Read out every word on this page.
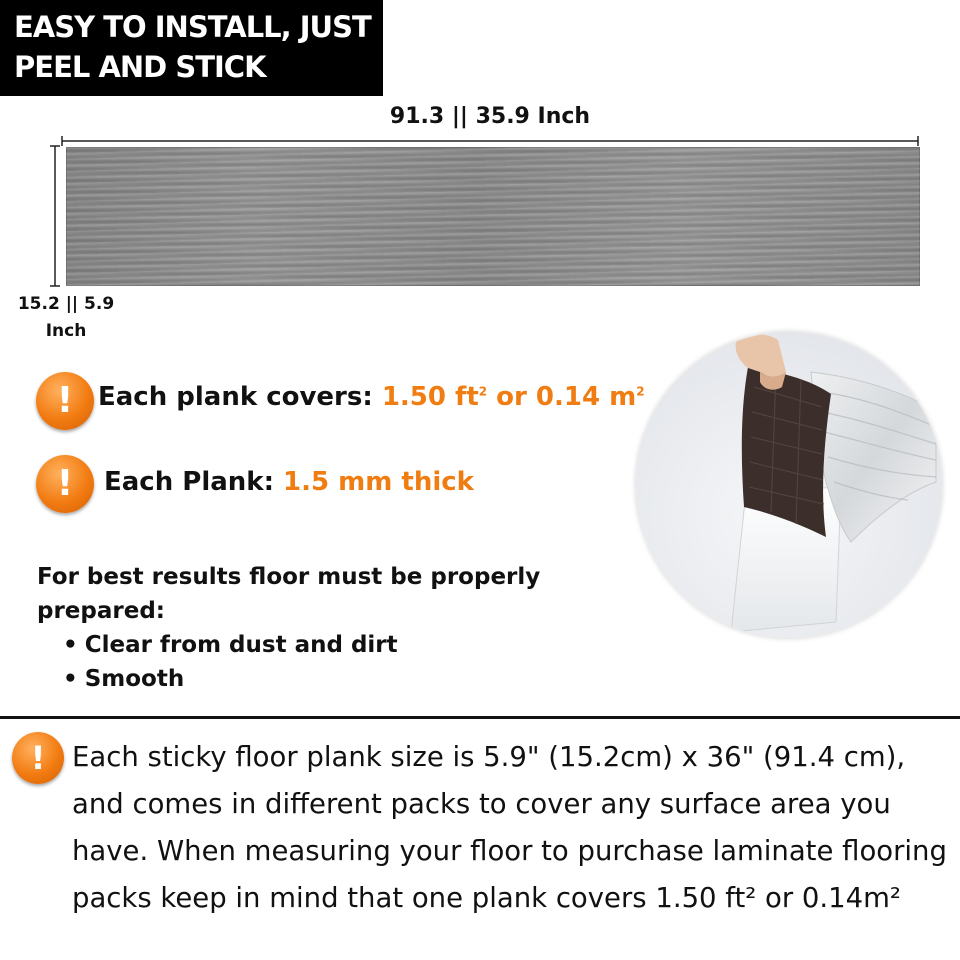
EASY TO INSTALL, JUST
PEEL AND STICK
91.3 || 35.9 Inch
15.2 || 5.9
Inch
! Each plank covers: 1.50 $ft^2$ or 0.14 $m^2$
!	Each Plank: 1.5 mm thick
For best results floor must be properly
prepared:
• Clear from dust and dirt
• Smooth
! Each sticky floor plank size is 5.9" (15.2cm) x 36" (91.4 cm), and comes in different packs to cover any surface area you have. When measuring your floor to purchase laminate flooring packs keep in mind that one plank covers 1.50 ft² or 0.14m²
